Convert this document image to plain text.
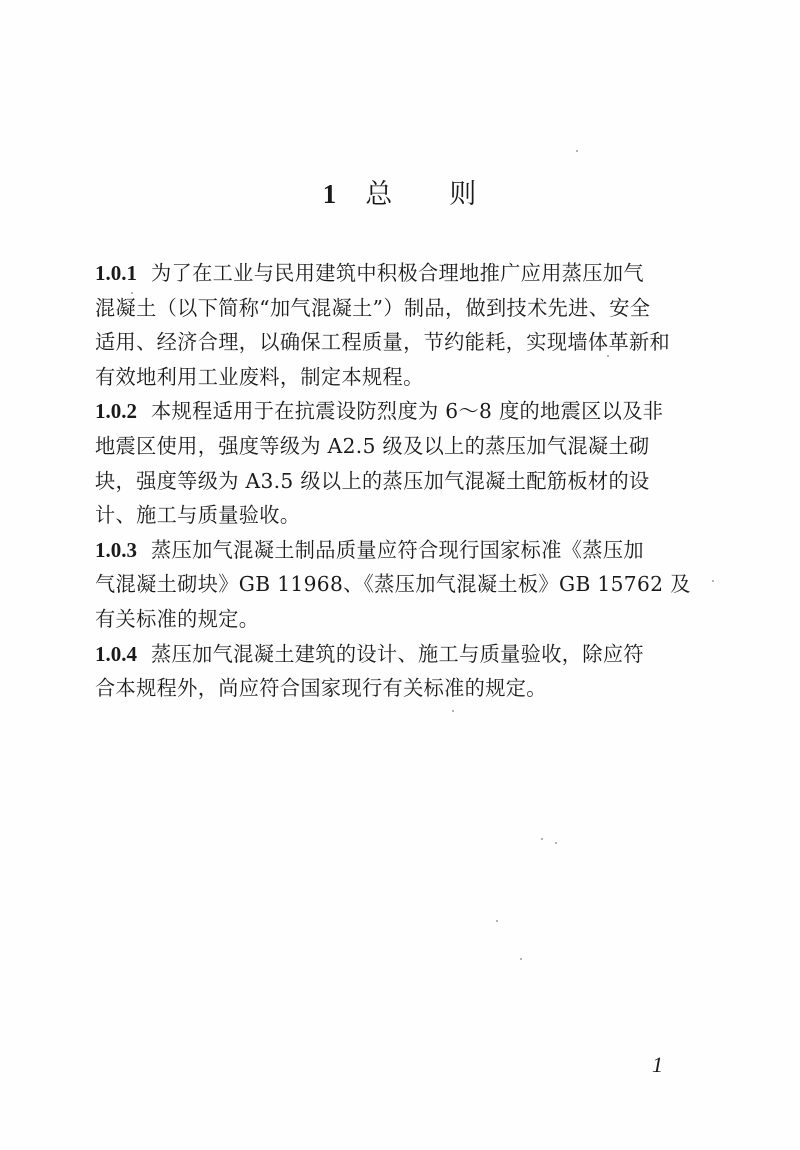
1 总 则
1.0.1 为了在工业与民用建筑中积极合理地推广应用蒸压加气
混凝土（以下简称“加气混凝土”）制品，做到技术先进、安全
适用、经济合理，以确保工程质量，节约能耗，实现墙体革新和
有效地利用工业废料，制定本规程。
1.0.2 本规程适用于在抗震设防烈度为 6～8 度的地震区以及非
地震区使用，强度等级为 A2.5 级及以上的蒸压加气混凝土砌
块，强度等级为 A3.5 级以上的蒸压加气混凝土配筋板材的设
计、施工与质量验收。
1.0.3 蒸压加气混凝土制品质量应符合现行国家标准《蒸压加
气混凝土砌块》GB 11968、《蒸压加气混凝土板》GB 15762 及
有关标准的规定。
1.0.4 蒸压加气混凝土建筑的设计、施工与质量验收，除应符
合本规程外，尚应符合国家现行有关标准的规定。
1
